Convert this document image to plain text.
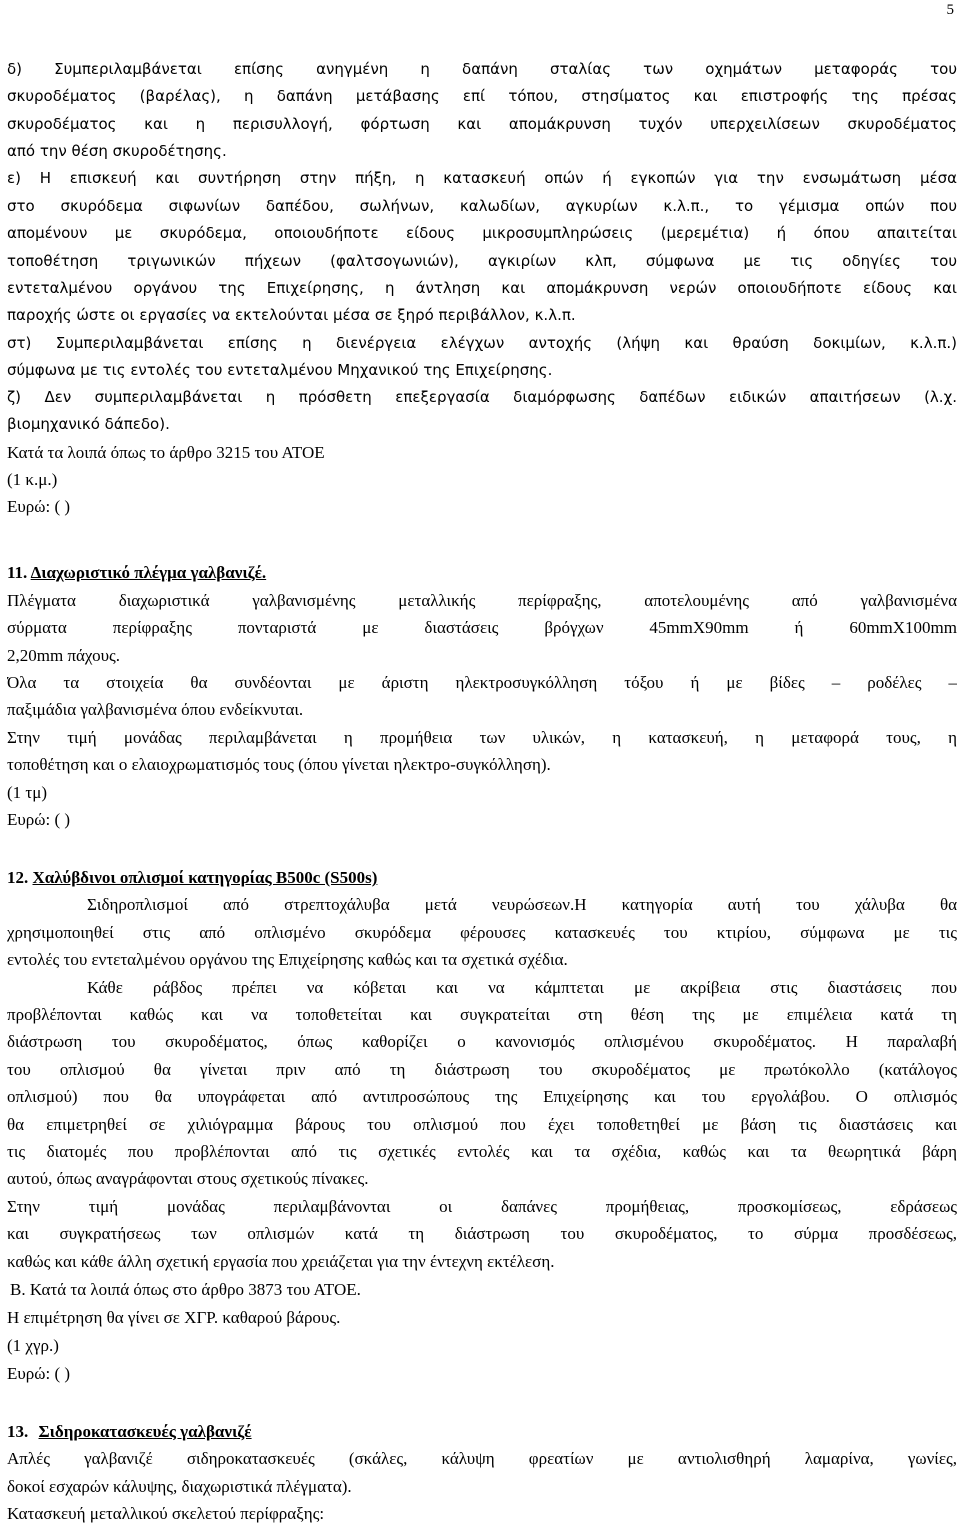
5
δ) Συμπεριλαμβάνεται επίσης ανηγμένη η δαπάνη σταλίας των οχημάτων μεταφοράς του
σκυροδέματος (βαρέλας), η δαπάνη μετάβασης επί τόπου, στησίματος και επιστροφής της πρέσας
σκυροδέματος και η περισυλλογή, φόρτωση και απομάκρυνση τυχόν υπερχειλίσεων σκυροδέματος
από την θέση σκυροδέτησης.
ε) Η επισκευή και συντήρηση στην πήξη, η κατασκευή οπών ή εγκοπών για την ενσωμάτωση μέσα
στο σκυρόδεμα σιφωνίων δαπέδου, σωλήνων, καλωδίων, αγκυρίων κ.λ.π., το γέμισμα οπών που
απομένουν με σκυρόδεμα, οποιουδήποτε είδους μικροσυμπληρώσεις (μερεμέτια) ή όπου απαιτείται
τοποθέτηση τριγωνικών πήχεων (φαλτσογωνιών), αγκιρίων κλπ, σύμφωνα με τις οδηγίες του
εντεταλμένου οργάνου της Επιχείρησης, η άντληση και απομάκρυνση νερών οποιουδήποτε είδους και
παροχής ώστε οι εργασίες να εκτελούνται μέσα σε ξηρό περιβάλλον, κ.λ.π.
στ) Συμπεριλαμβάνεται επίσης η διενέργεια ελέγχων αντοχής (λήψη και θραύση δοκιμίων, κ.λ.π.)
σύμφωνα με τις εντολές του εντεταλμένου Μηχανικού της Επιχείρησης.
ζ) Δεν συμπεριλαμβάνεται η πρόσθετη επεξεργασία διαμόρφωσης δαπέδων ειδικών απαιτήσεων (λ.χ.
βιομηχανικό δάπεδο).
Κατά τα λοιπά όπως το άρθρο 3215 του ΑΤΟΕ
(1 κ.μ.)
Ευρώ: ( )
11. Διαχωριστικό πλέγμα γαλβανιζέ.
Πλέγματα διαχωριστικά γαλβανισμένης μεταλλικής περίφραξης, αποτελουμένης από γαλβανισμένα
σύρματα περίφραξης πονταριστά με διαστάσεις βρόγχων 45mmX90mm ή 60mmX100mm
2,20mm πάχους.
Όλα τα στοιχεία θα συνδέονται με άριστη ηλεκτροσυγκόλληση τόξου ή με βίδες – ροδέλες –
παξιμάδια γαλβανισμένα όπου ενδείκνυται.
Στην τιμή μονάδας περιλαμβάνεται η προμήθεια των υλικών, η κατασκευή, η μεταφορά τους, η
τοποθέτηση και ο ελαιοχρωματισμός τους (όπου γίνεται ηλεκτρο-συγκόλληση).
(1 τμ)
Ευρώ: ( )
12. Χαλύβδινοι οπλισμοί κατηγορίας Β500c (S500s)
Σιδηροπλισμοί από στρεπτοχάλυβα μετά νευρώσεων.Η κατηγορία αυτή του χάλυβα θα
χρησιμοποιηθεί στις από οπλισμένο σκυρόδεμα φέρουσες κατασκευές του κτιρίου, σύμφωνα με τις
εντολές του εντεταλμένου οργάνου της Επιχείρησης καθώς και τα σχετικά σχέδια.
Κάθε ράβδος πρέπει να κόβεται και να κάμπτεται με ακρίβεια στις διαστάσεις που
προβλέπονται καθώς και να τοποθετείται και συγκρατείται στη θέση της με επιμέλεια κατά τη
διάστρωση του σκυροδέματος, όπως καθορίζει ο κανονισμός οπλισμένου σκυροδέματος. Η παραλαβή
του οπλισμού θα γίνεται πριν από τη διάστρωση του σκυροδέματος με πρωτόκολλο (κατάλογος
οπλισμού) που θα υπογράφεται από αντιπροσώπους της Επιχείρησης και του εργολάβου. Ο οπλισμός
θα επιμετρηθεί σε χιλιόγραμμα βάρους του οπλισμού που έχει τοποθετηθεί με βάση τις διαστάσεις και
τις διατομές που προβλέπονται από τις σχετικές εντολές και τα σχέδια, καθώς και τα θεωρητικά βάρη
αυτού, όπως αναγράφονται στους σχετικούς πίνακες.
Στην τιμή μονάδας περιλαμβάνονται οι δαπάνες προμήθειας, προσκομίσεως, εδράσεως
και συγκρατήσεως των οπλισμών κατά τη διάστρωση του σκυροδέματος, το σύρμα προσδέσεως,
καθώς και κάθε άλλη σχετική εργασία που χρειάζεται για την έντεχνη εκτέλεση.
Β. Κατά τα λοιπά όπως στο άρθρο 3873 του ΑΤΟΕ.
Η επιμέτρηση θα γίνει σε ΧΓΡ. καθαρού βάρους.
(1 χγρ.)
Ευρώ: ( )
13. Σιδηροκατασκευές γαλβανιζέ
Απλές γαλβανιζέ σιδηροκατασκευές (σκάλες, κάλυψη φρεατίων με αντιολισθηρή λαμαρίνα, γωνίες,
δοκοί εσχαρών κάλυψης, διαχωριστικά πλέγματα).
Κατασκευή μεταλλικού σκελετού περίφραξης:
